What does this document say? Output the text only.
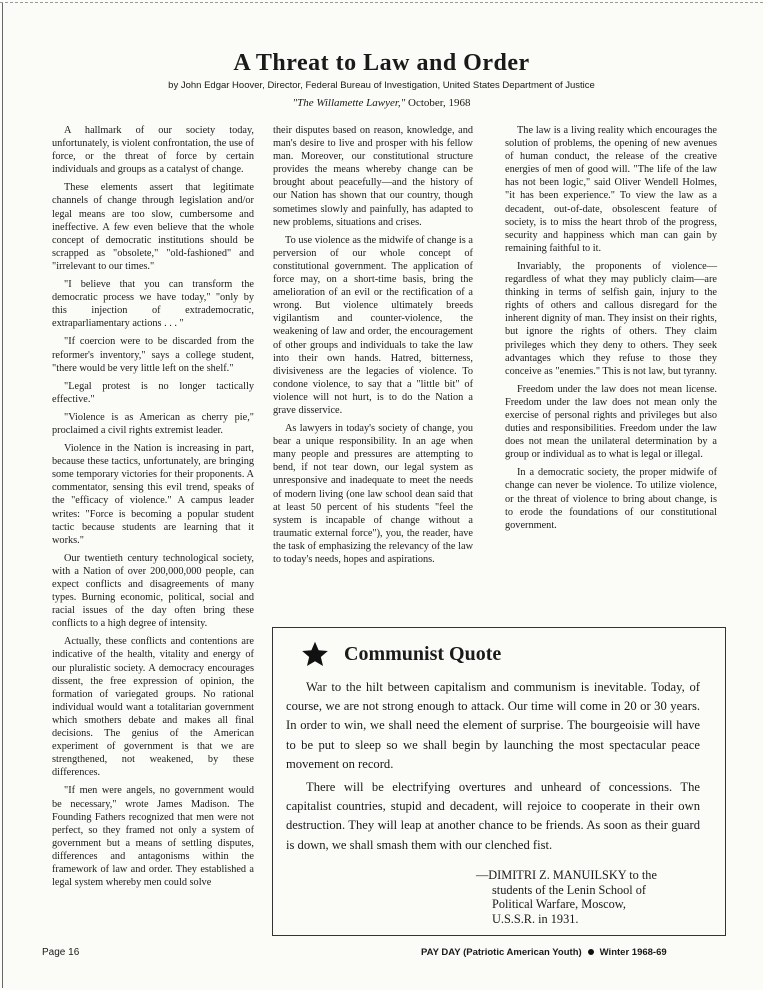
A Threat to Law and Order
by John Edgar Hoover, Director, Federal Bureau of Investigation, United States Department of Justice
"The Willamette Lawyer," October, 1968

A hallmark of our society today, unfortunately, is violent confrontation, the use of force, or the threat of force by certain individuals and groups as a catalyst of change.

These elements assert that legitimate channels of change through legislation and/or legal means are too slow, cumbersome and ineffective. A few even believe that the whole concept of democratic institutions should be scrapped as "obsolete," "old-fashioned" and "irrelevant to our times."

"I believe that you can transform the democratic process we have today," "only by this injection of extrademocratic, extraparliamentary actions . . . "

"If coercion were to be discarded from the reformer's inventory," says a college student, "there would be very little left on the shelf."

"Legal protest is no longer tactically effective."

"Violence is as American as cherry pie," proclaimed a civil rights extremist leader.

Violence in the Nation is increasing in part, because these tactics, unfortunately, are bringing some temporary victories for their proponents. A commentator, sensing this evil trend, speaks of the "efficacy of violence." A campus leader writes: "Force is becoming a popular student tactic because students are learning that it works."

Our twentieth century technological society, with a Nation of over 200,000,000 people, can expect conflicts and disagreements of many types. Burning economic, political, social and racial issues of the day often bring these conflicts to a high degree of intensity.

Actually, these conflicts and contentions are indicative of the health, vitality and energy of our pluralistic society. A democracy encourages dissent, the free expression of opinion, the formation of variegated groups. No rational individual would want a totalitarian government which smothers debate and makes all final decisions. The genius of the American experiment of government is that we are strengthened, not weakened, by these differences.

"If men were angels, no government would be necessary," wrote James Madison. The Founding Fathers recognized that men were not perfect, so they framed not only a system of government but a means of settling disputes, differences and antagonisms within the framework of law and order. They established a legal system whereby men could solve

their disputes based on reason, knowledge, and man's desire to live and prosper with his fellow man. Moreover, our constitutional structure provides the means whereby change can be brought about peacefully—and the history of our Nation has shown that our country, though sometimes slowly and painfully, has adapted to new problems, situations and crises.

To use violence as the midwife of change is a perversion of our whole concept of constitutional government. The application of force may, on a short-time basis, bring the amelioration of an evil or the rectification of a wrong. But violence ultimately breeds vigilantism and counter-violence, the weakening of law and order, the encouragement of other groups and individuals to take the law into their own hands. Hatred, bitterness, divisiveness are the legacies of violence. To condone violence, to say that a "little bit" of violence will not hurt, is to do the Nation a grave disservice.

As lawyers in today's society of change, you bear a unique responsibility. In an age when many people and pressures are attempting to bend, if not tear down, our legal system as unresponsive and inadequate to meet the needs of modern living (one law school dean said that at least 50 percent of his students "feel the system is incapable of change without a traumatic external force"), you, the reader, have the task of emphasizing the relevancy of the law to today's needs, hopes and aspirations.

The law is a living reality which encourages the solution of problems, the opening of new avenues of human conduct, the release of the creative energies of men of good will. "The life of the law has not been logic," said Oliver Wendell Holmes, "it has been experience." To view the law as a decadent, out-of-date, obsolescent feature of society, is to miss the heart throb of the progress, security and happiness which man can gain by remaining faithful to it.

Invariably, the proponents of violence—regardless of what they may publicly claim—are thinking in terms of selfish gain, injury to the rights of others and callous disregard for the inherent dignity of man. They insist on their rights, but ignore the rights of others. They claim privileges which they deny to others. They seek advantages which they refuse to those they conceive as "enemies." This is not law, but tyranny.

Freedom under the law does not mean license. Freedom under the law does not mean only the exercise of personal rights and privileges but also duties and responsibilities. Freedom under the law does not mean the unilateral determination by a group or individual as to what is legal or illegal.

In a democratic society, the proper midwife of change can never be violence. To utilize violence, or the threat of violence to bring about change, is to erode the foundations of our constitutional government.

Communist Quote

War to the hilt between capitalism and communism is inevitable. Today, of course, we are not strong enough to attack. Our time will come in 20 or 30 years. In order to win, we shall need the element of surprise. The bourgeoisie will have to be put to sleep so we shall begin by launching the most spectacular peace movement on record.

There will be electrifying overtures and unheard of concessions. The capitalist countries, stupid and decadent, will rejoice to cooperate in their own destruction. They will leap at another chance to be friends. As soon as their guard is down, we shall smash them with our clenched fist.

—DIMITRI Z. MANUILSKY to the
students of the Lenin School of
Political Warfare, Moscow,
U.S.S.R. in 1931.
Page 16	PAY DAY (Patriotic American Youth) Winter 1968-69
